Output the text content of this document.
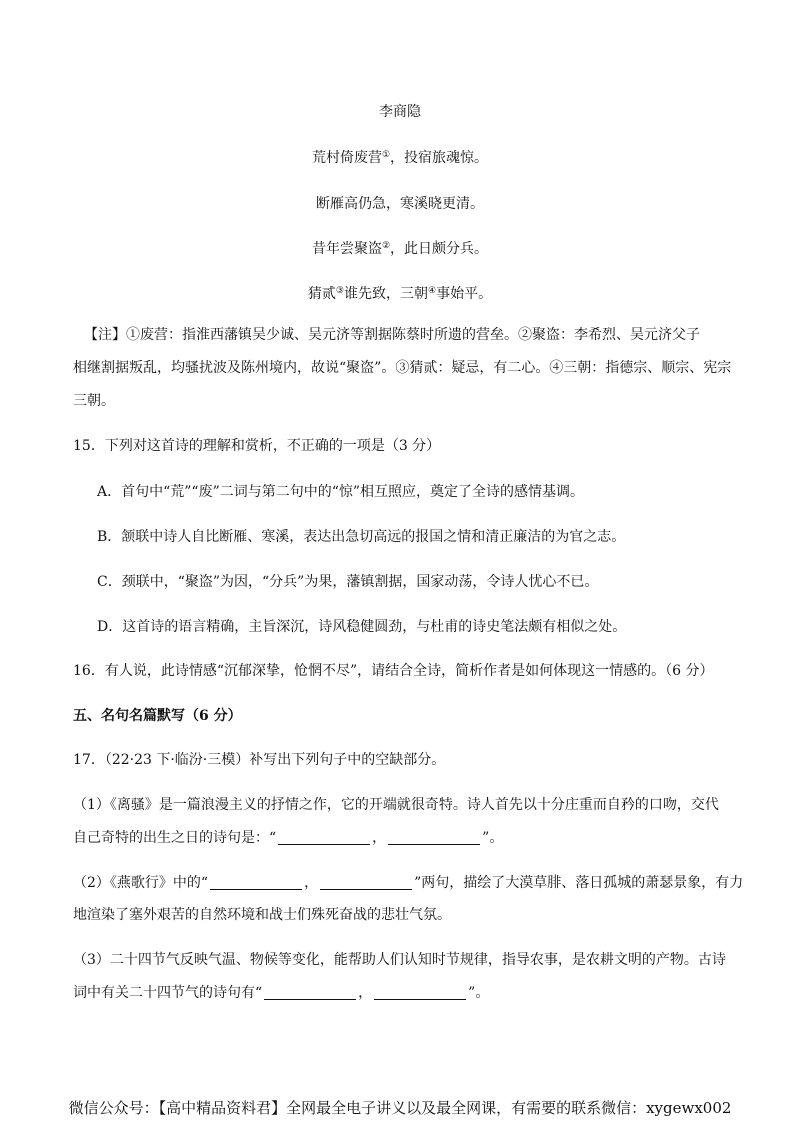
李商隐
荒村倚废营①，投宿旅魂惊。
断雁高仍急，寒溪晓更清。
昔年尝聚盗②，此日颇分兵。
猜贰③谁先致，三朝④事始平。
【注】①废营：指淮西藩镇吴少诚、吴元济等割据陈蔡时所遗的营垒。②聚盗：李希烈、吴元济父子
相继割据叛乱，均骚扰波及陈州境内，故说“聚盗”。③猜贰：疑忌，有二心。④三朝：指德宗、顺宗、宪宗
三朝。
15．下列对这首诗的理解和赏析，不正确的一项是（3 分）
A．首句中“荒”“废”二词与第二句中的“惊”相互照应，奠定了全诗的感情基调。
B．颔联中诗人自比断雁、寒溪，表达出急切高远的报国之情和清正廉洁的为官之志。
C．颈联中，“聚盗”为因，“分兵”为果，藩镇割据，国家动荡，令诗人忧心不已。
D．这首诗的语言精确，主旨深沉，诗风稳健圆劲，与杜甫的诗史笔法颇有相似之处。
16．有人说，此诗情感“沉郁深挚，怆惘不尽”，请结合全诗，简析作者是如何体现这一情感的。（6 分）
五、名句名篇默写（6 分）
17．（22·23 下·临汾·三模）补写出下列句子中的空缺部分。
（1）《离骚》是一篇浪漫主义的抒情之作，它的开端就很奇特。诗人首先以十分庄重而自矜的口吻，交代
自己奇特的出生之日的诗句是：“	，	”。
（2）《燕歌行》中的“	，	”两句，描绘了大漠草腓、落日孤城的萧瑟景象，有力
地渲染了塞外艰苦的自然环境和战士们殊死奋战的悲壮气氛。
（3）二十四节气反映气温、物候等变化，能帮助人们认知时节规律，指导农事，是农耕文明的产物。古诗
词中有关二十四节气的诗句有“	，	”。
微信公众号：【高中精品资料君】全网最全电子讲义以及最全网课，有需要的联系微信：xygewx002
